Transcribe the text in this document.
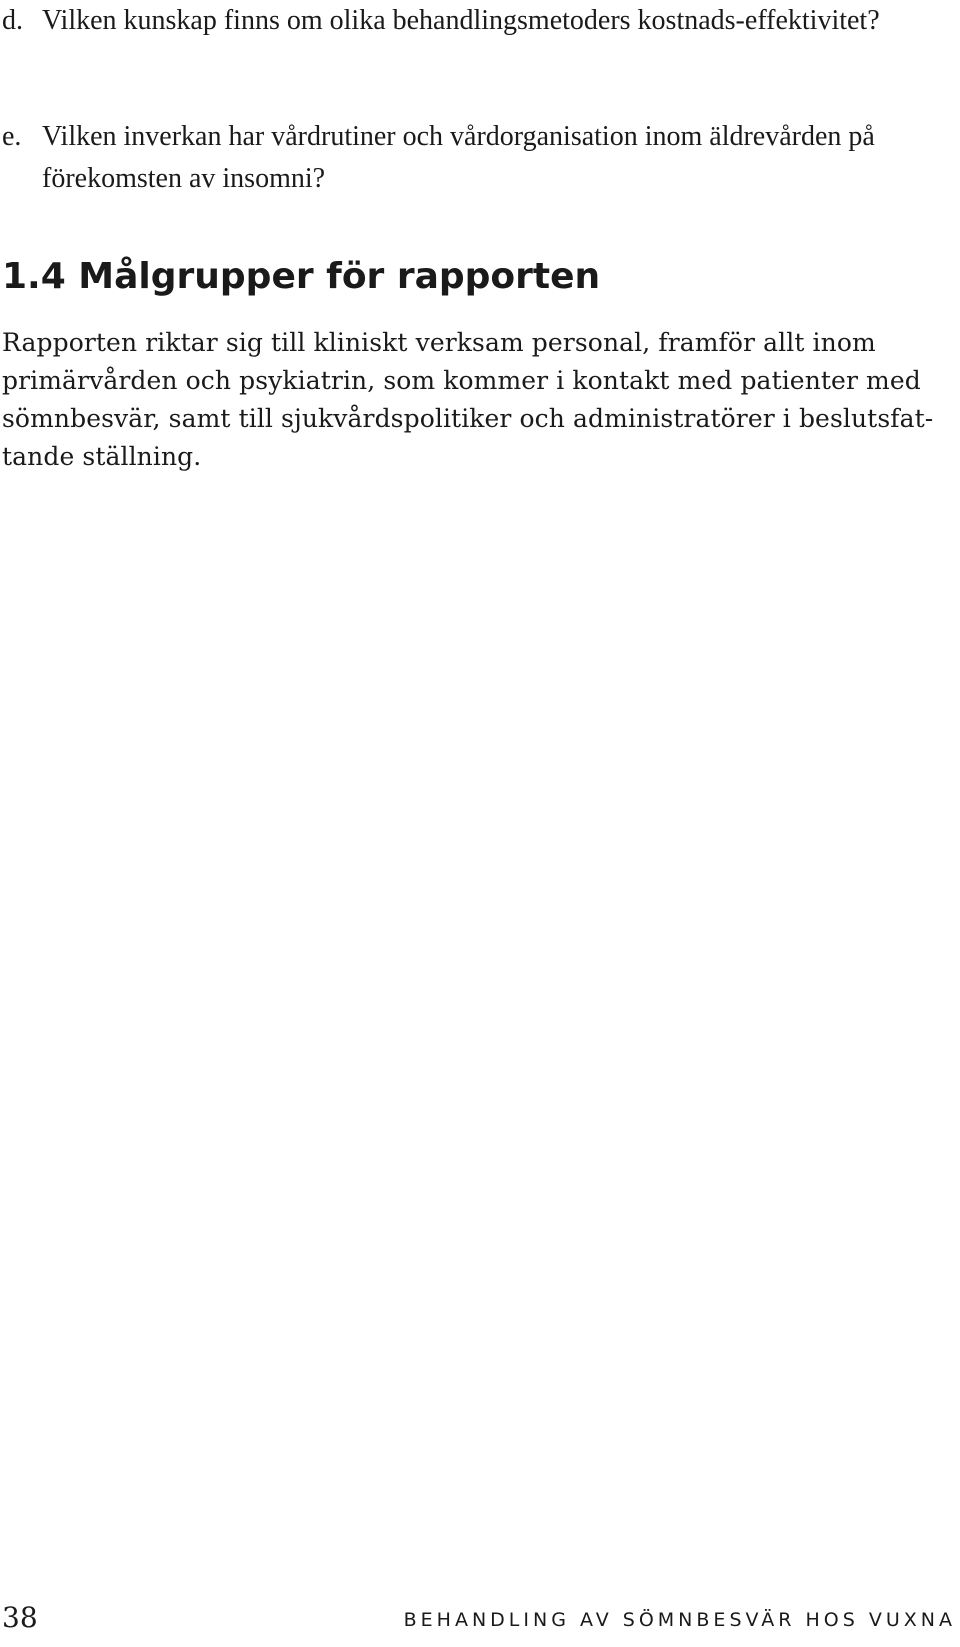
d. Vilken kunskap finns om olika behandlingsmetoders kostnads-effektivitet?
e. Vilken inverkan har vårdrutiner och vårdorganisation inom äldrevården på förekomsten av insomni?
1.4 Målgrupper för rapporten

Rapporten riktar sig till kliniskt verksam personal, framför allt inom primärvården och psykiatrin, som kommer i kontakt med patienter med sömnbesvär, samt till sjukvårdspolitiker och administratörer i beslutsfat-tande ställning.

38	BEHANDLING AV SÖMNBESVÄR HOS VUXNA
